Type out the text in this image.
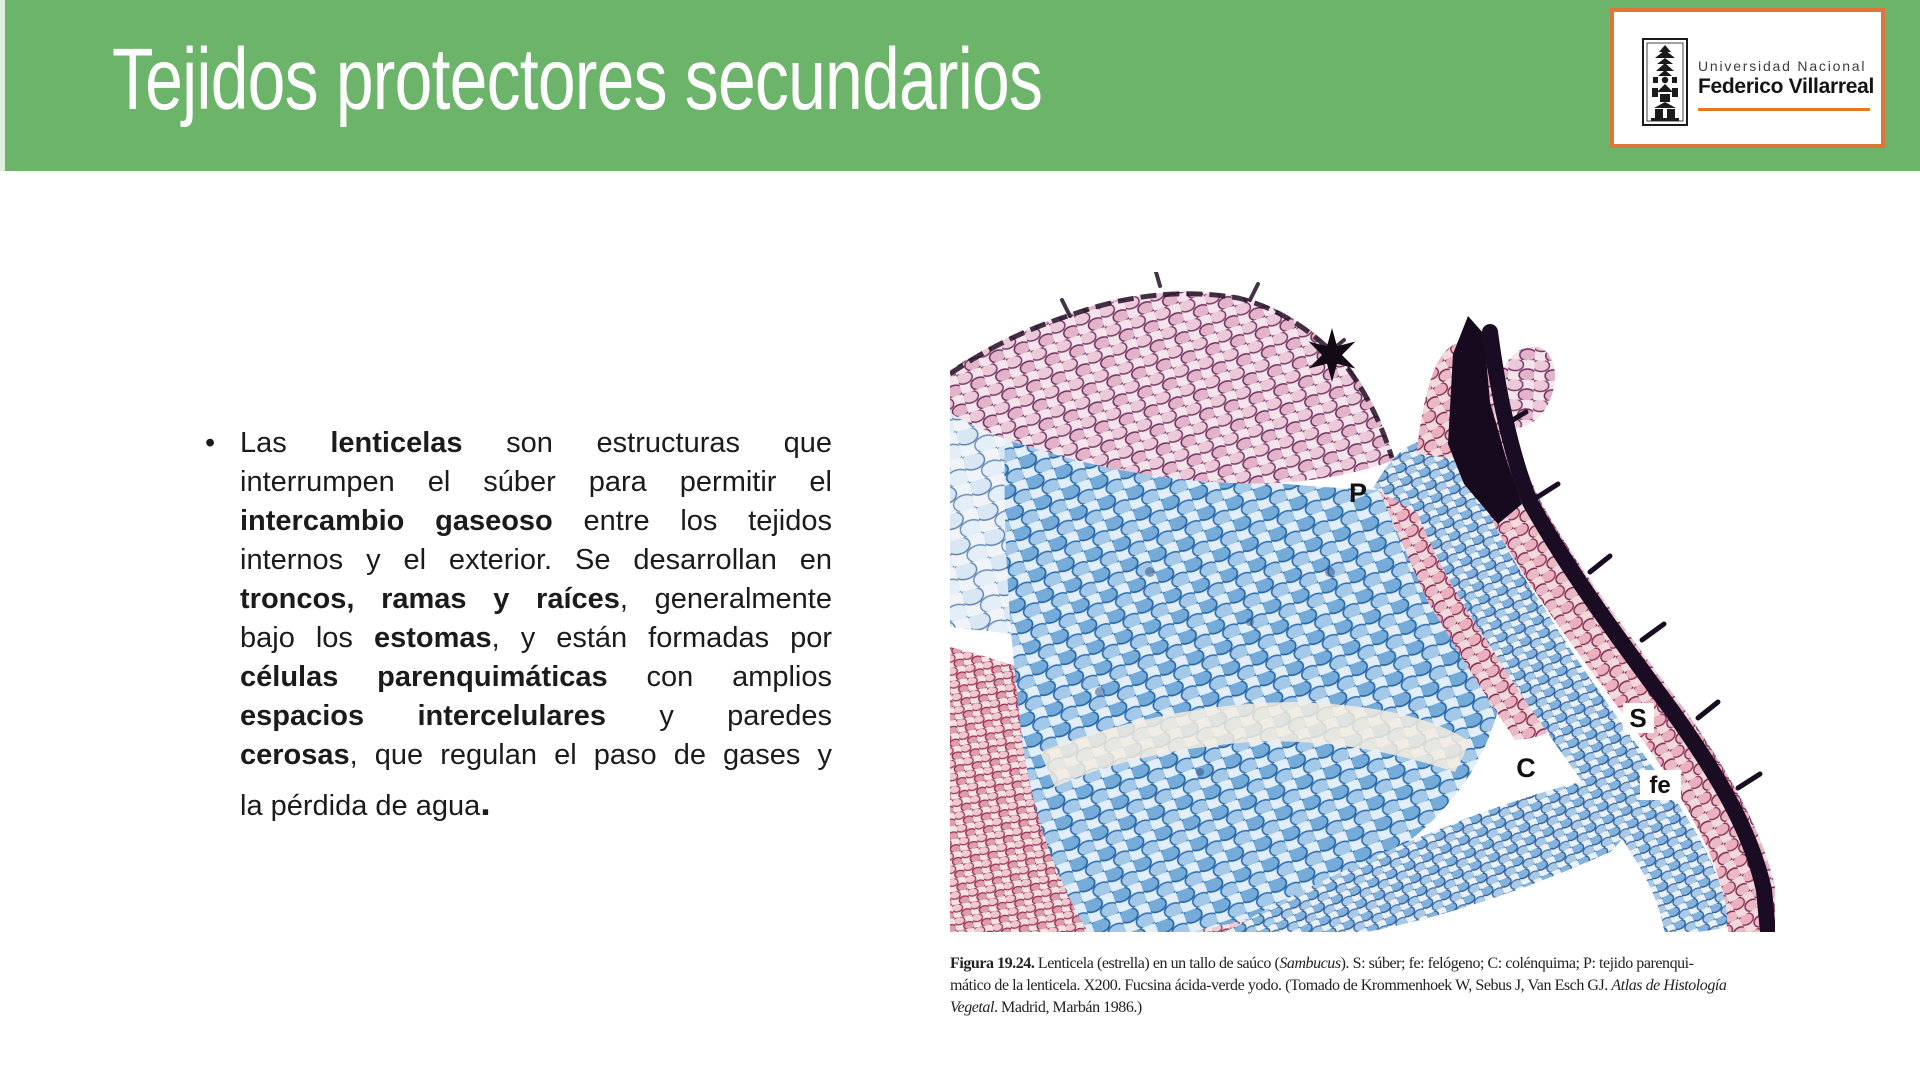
Tejidos protectores secundarios	Universidad Nacional
Federico Villarreal
• Las lenticelas son estructuras que
interrumpen el súber para permitir el
intercambio gaseoso entre los tejidos
internos y el exterior. Se desarrollan en
troncos, ramas y raíces, generalmente
bajo los estomas, y están formadas por
células parenquimáticas con amplios
espacios intercelulares y paredes
cerosas, que regulan el paso de gases y
la pérdida de agua.
P
S
C
fe
Figura 19.24. Lenticela (estrella) en un tallo de saúco (Sambucus). S: súber; fe: felógeno; C: colénquima; P: tejido parenqui-
mático de la lenticela. X200. Fucsina ácida-verde yodo. (Tomado de Krommenhoek W, Sebus J, Van Esch GJ. Atlas de Histología
Vegetal. Madrid, Marbán 1986.)
